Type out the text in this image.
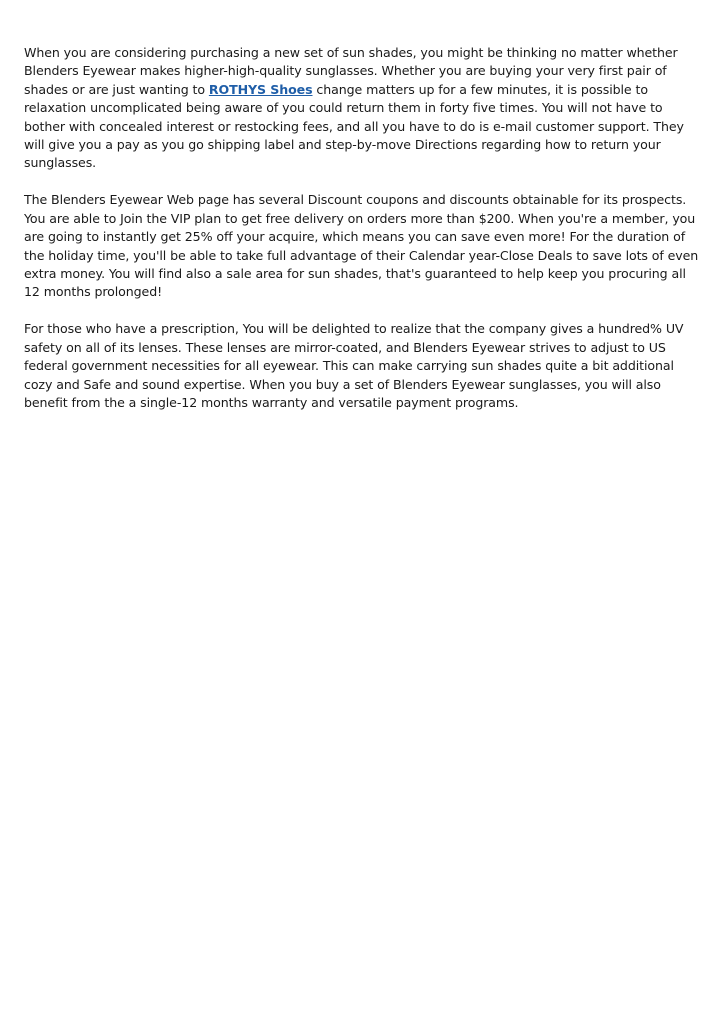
When you are considering purchasing a new set of sun shades, you might be thinking no matter whether Blenders Eyewear makes higher-high-quality sunglasses. Whether you are buying your very first pair of shades or are just wanting to ROTHYS Shoes change matters up for a few minutes, it is possible to relaxation uncomplicated being aware of you could return them in forty five times. You will not have to bother with concealed interest or restocking fees, and all you have to do is e-mail customer support. They will give you a pay as you go shipping label and step-by-move Directions regarding how to return your sunglasses.

The Blenders Eyewear Web page has several Discount coupons and discounts obtainable for its prospects. You are able to Join the VIP plan to get free delivery on orders more than $200. When you're a member, you are going to instantly get 25% off your acquire, which means you can save even more! For the duration of the holiday time, you'll be able to take full advantage of their Calendar year-Close Deals to save lots of even extra money. You will find also a sale area for sun shades, that's guaranteed to help keep you procuring all 12 months prolonged!

For those who have a prescription, You will be delighted to realize that the company gives a hundred% UV safety on all of its lenses. These lenses are mirror-coated, and Blenders Eyewear strives to adjust to US federal government necessities for all eyewear. This can make carrying sun shades quite a bit additional cozy and Safe and sound expertise. When you buy a set of Blenders Eyewear sunglasses, you will also benefit from the a single-12 months warranty and versatile payment programs.
